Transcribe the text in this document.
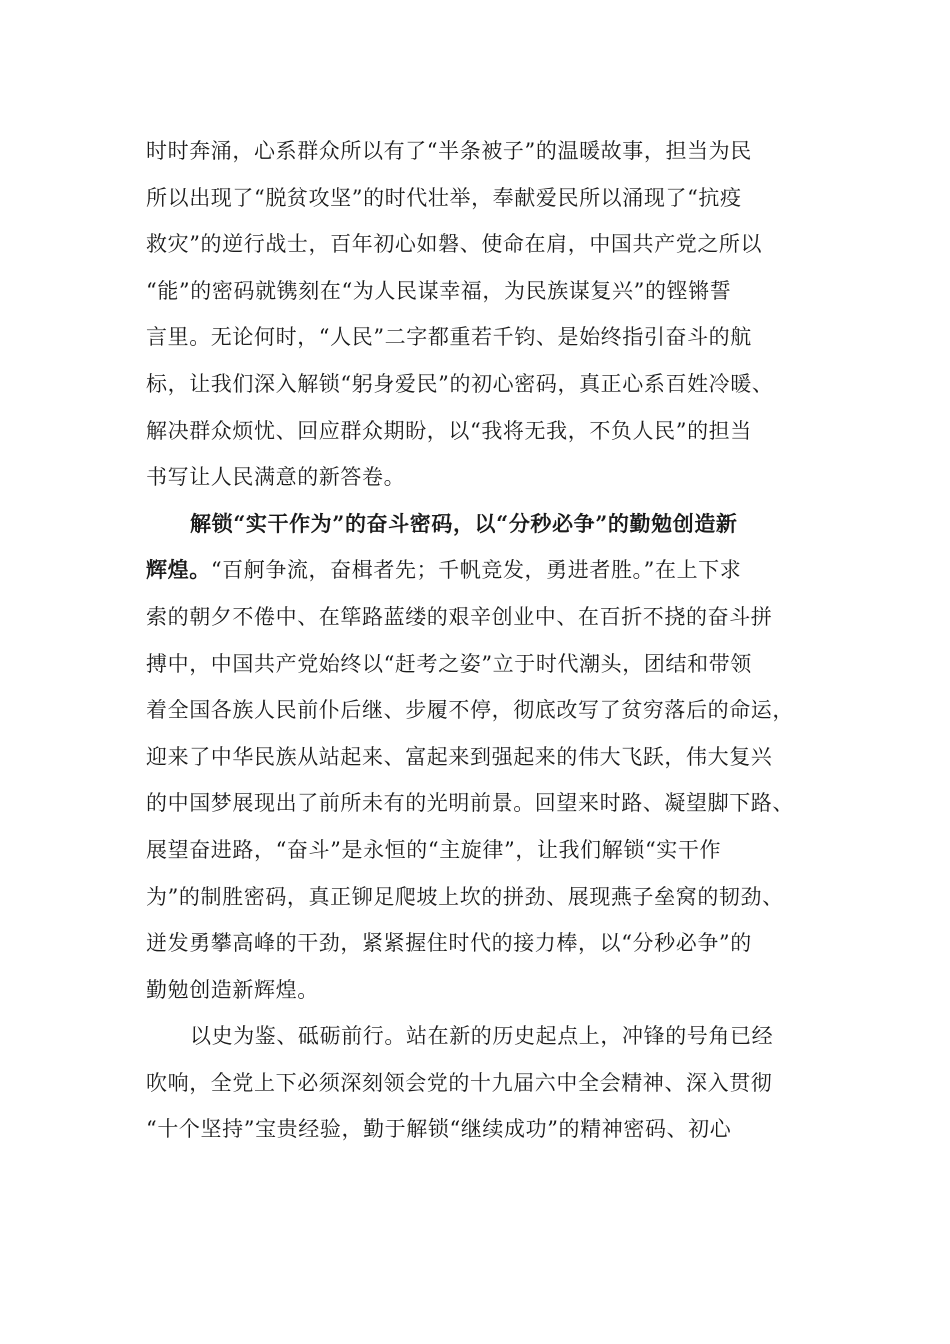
时时奔涌，心系群众所以有了“半条被子”的温暖故事，担当为民
所以出现了“脱贫攻坚”的时代壮举，奉献爱民所以涌现了“抗疫
救灾”的逆行战士，百年初心如磐、使命在肩，中国共产党之所以
“能”的密码就镌刻在“为人民谋幸福，为民族谋复兴”的铿锵誓
言里。无论何时，“人民”二字都重若千钧、是始终指引奋斗的航
标，让我们深入解锁“躬身爱民”的初心密码，真正心系百姓冷暖、
解决群众烦忧、回应群众期盼，以“我将无我，不负人民”的担当
书写让人民满意的新答卷。
解锁“实干作为”的奋斗密码，以“分秒必争”的勤勉创造新
辉煌。“百舸争流，奋楫者先；千帆竞发，勇进者胜。”在上下求
索的朝夕不倦中、在筚路蓝缕的艰辛创业中、在百折不挠的奋斗拼
搏中，中国共产党始终以“赶考之姿”立于时代潮头，团结和带领
着全国各族人民前仆后继、步履不停，彻底改写了贫穷落后的命运，
迎来了中华民族从站起来、富起来到强起来的伟大飞跃，伟大复兴
的中国梦展现出了前所未有的光明前景。回望来时路、凝望脚下路、
展望奋进路，“奋斗”是永恒的“主旋律”，让我们解锁“实干作
为”的制胜密码，真正铆足爬坡上坎的拼劲、展现燕子垒窝的韧劲、
迸发勇攀高峰的干劲，紧紧握住时代的接力棒，以“分秒必争”的
勤勉创造新辉煌。
以史为鉴、砥砺前行。站在新的历史起点上，冲锋的号角已经
吹响，全党上下必须深刻领会党的十九届六中全会精神、深入贯彻
“十个坚持”宝贵经验，勤于解锁“继续成功”的精神密码、初心
